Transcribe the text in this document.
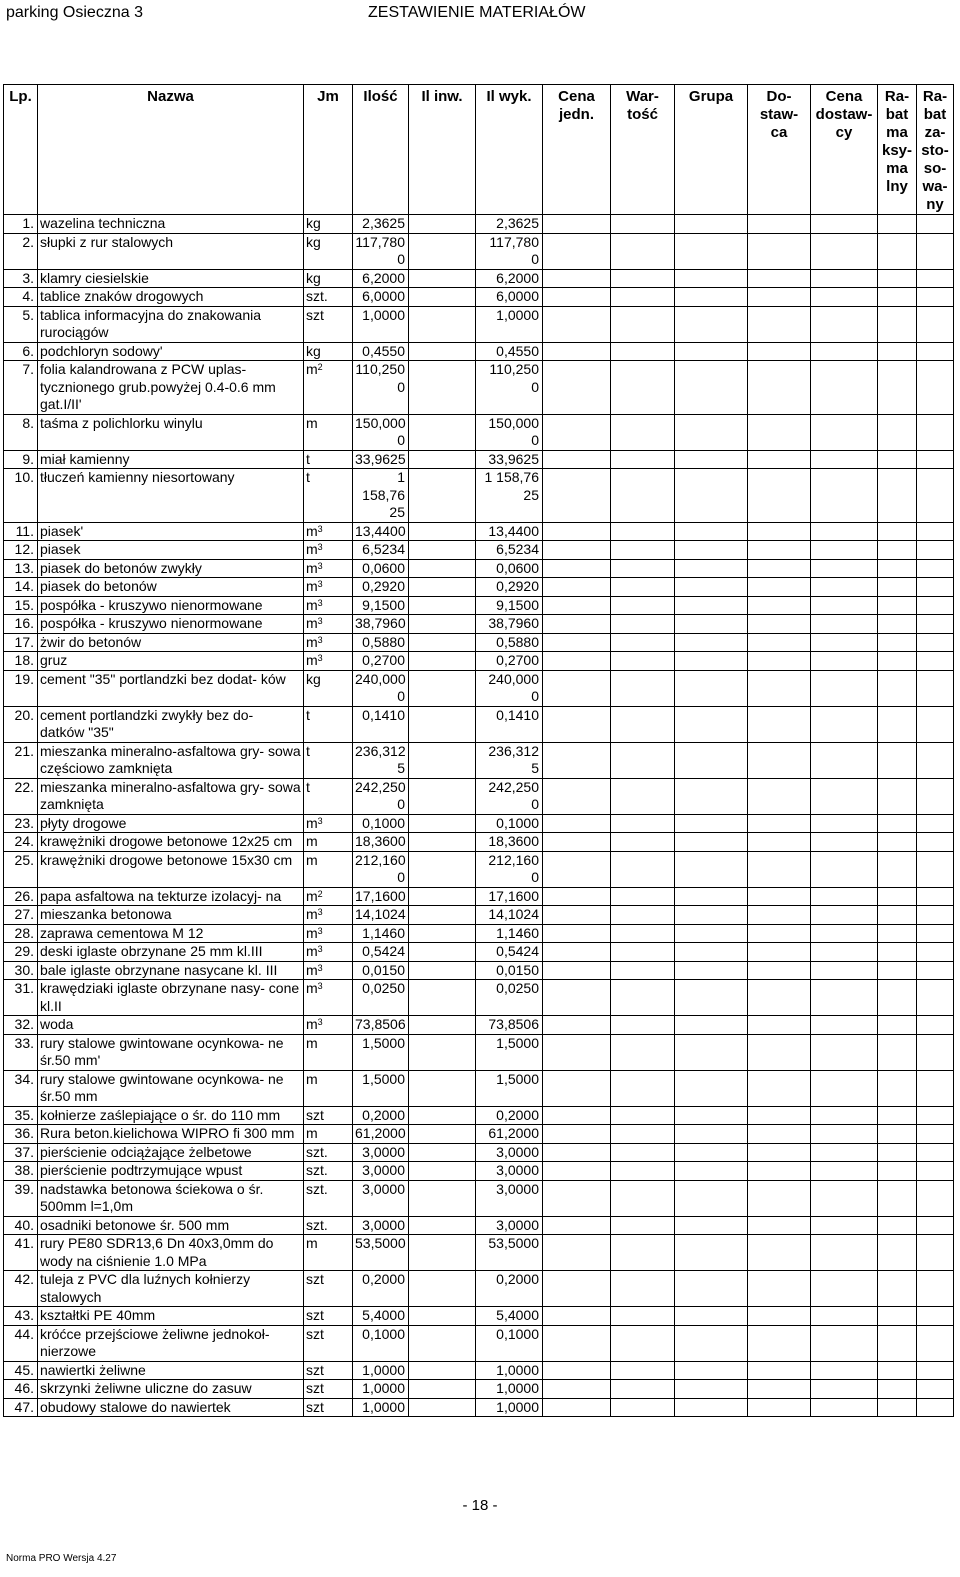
parking Osieczna 3	ZESTAWIENIE MATERIAŁÓW
Lp.	Nazwa	Jm	Ilość	Il inw.	Il wyk.	Cena jedn.	War- tość	Grupa	Do- staw- ca	Cena dostaw- cy	Ra- bat ma ksy- ma lny	Ra- bat za- sto- so- wa- ny
1.	wazelina techniczna	kg	2,3625		2,3625							
2.	słupki z rur stalowych	kg	117,780 0		117,780 0							
3.	klamry ciesielskie	kg	6,2000		6,2000							
4.	tablice znaków drogowych	szt.	6,0000		6,0000							
5.	tablica informacyjna do znakowania rurociągów	szt	1,0000		1,0000							
6.	podchloryn sodowy'	kg	0,4550		0,4550							
7.	folia kalandrowana z PCW uplas- tycznionego grub.powyżej 0.4-0.6 mm gat.I/II'	$m^2$	110,250 0		110,250 0							
8.	taśma z polichlorku winylu	m	150,000 0		150,000 0							
9.	miał kamienny	t	33,9625		33,9625							
10.	tłuczeń kamienny niesortowany	t	1 158,76 25		1 158,76 25							
11.	piasek'	$m^3$	13,4400		13,4400							
12.	piasek	$m^3$	6,5234		6,5234							
13.	piasek do betonów zwykły	$m^3$	0,0600		0,0600							
14.	piasek do betonów	$m^3$	0,2920		0,2920							
15.	pospółka - kruszywo nienormowane	$m^3$	9,1500		9,1500							
16.	pospółka - kruszywo nienormowane	$m^3$	38,7960		38,7960							
17.	żwir do betonów	$m^3$	0,5880		0,5880							
18.	gruz	$m^3$	0,2700		0,2700							
19.	cement "35" portlandzki bez dodat- ków	kg	240,000 0		240,000 0							
20.	cement portlandzki zwykły bez do- datków "35"	t	0,1410		0,1410							
21.	mieszanka mineralno-asfaltowa gry- sowa częściowo zamknięta	t	236,312 5		236,312 5							
22.	mieszanka mineralno-asfaltowa gry- sowa zamknięta	t	242,250 0		242,250 0							
23.	płyty drogowe	$m^3$	0,1000		0,1000							
24.	krawężniki drogowe betonowe 12x25 cm	m	18,3600		18,3600							
25.	krawężniki drogowe betonowe 15x30 cm	m	212,160 0		212,160 0							
26.	papa asfaltowa na tekturze izolacyj- na	$m^2$	17,1600		17,1600							
27.	mieszanka betonowa	$m^3$	14,1024		14,1024							
28.	zaprawa cementowa M 12	$m^3$	1,1460		1,1460							
29.	deski iglaste obrzynane 25 mm kl.III	$m^3$	0,5424		0,5424							
30.	bale iglaste obrzynane nasycane kl. III	$m^3$	0,0150		0,0150							
31.	krawędziaki iglaste obrzynane nasy- cone kl.II	$m^3$	0,0250		0,0250							
32.	woda	$m^3$	73,8506		73,8506							
33.	rury stalowe gwintowane ocynkowa- ne śr.50 mm'	m	1,5000		1,5000							
34.	rury stalowe gwintowane ocynkowa- ne śr.50 mm	m	1,5000		1,5000							
35.	kołnierze zaślepiające o śr. do 110 mm	szt	0,2000		0,2000							
36.	Rura beton.kielichowa WIPRO fi 300 mm	m	61,2000		61,2000							
37.	pierścienie odciążające żelbetowe	szt.	3,0000		3,0000							
38.	pierścienie podtrzymujące wpust	szt.	3,0000		3,0000							
39.	nadstawka betonowa ściekowa o śr. 500mm l=1,0m	szt.	3,0000		3,0000							
40.	osadniki betonowe śr. 500 mm	szt.	3,0000		3,0000							
41.	rury PE80 SDR13,6 Dn 40x3,0mm do wody na ciśnienie 1.0 MPa	m	53,5000		53,5000							
42.	tuleja z PVC dla luźnych kołnierzy stalowych	szt	0,2000		0,2000							
43.	kształtki PE 40mm	szt	5,4000		5,4000							
44.	króćce przejściowe żeliwne jednokoł- nierzowe	szt	0,1000		0,1000							
45.	nawiertki żeliwne	szt	1,0000		1,0000							
46.	skrzynki żeliwne uliczne do zasuw	szt	1,0000		1,0000							
47.	obudowy stalowe do nawiertek	szt	1,0000		1,0000							
- 18 -
Norma PRO Wersja 4.27
